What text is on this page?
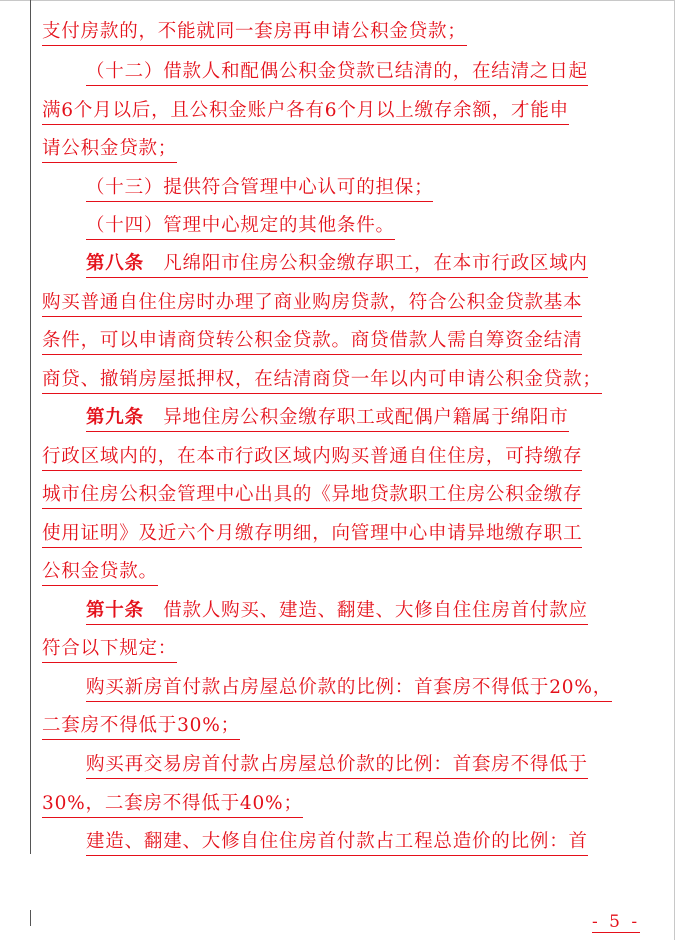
支付房款的，不能就同一套房再申请公积金贷款；
（十二）借款人和配偶公积金贷款已结清的，在结清之日起
满6个月以后，且公积金账户各有6个月以上缴存余额，才能申
请公积金贷款；
（十三）提供符合管理中心认可的担保；
（十四）管理中心规定的其他条件。
第八条　 凡绵阳市住房公积金缴存职工，在本市行政区域内
购买普通自住住房时办理了商业购房贷款，符合公积金贷款基本
条件，可以申请商贷转公积金贷款。商贷借款人需自筹资金结清
商贷、撤销房屋抵押权，在结清商贷一年以内可申请公积金贷款；
第九条　 异地住房公积金缴存职工或配偶户籍属于绵阳市
行政区域内的，在本市行政区域内购买普通自住住房，可持缴存
城市住房公积金管理中心出具的《异地贷款职工住房公积金缴存
使用证明》及近六个月缴存明细，向管理中心申请异地缴存职工
公积金贷款。
第十条　 借款人购买、建造、翻建、大修自住住房首付款应
符合以下规定：
购买新房首付款占房屋总价款的比例：首套房不得低于20%，
二套房不得低于30%；
购买再交易房首付款占房屋总价款的比例：首套房不得低于
30%，二套房不得低于40%；
建造、翻建、大修自住住房首付款占工程总造价的比例：首
- 5 -
